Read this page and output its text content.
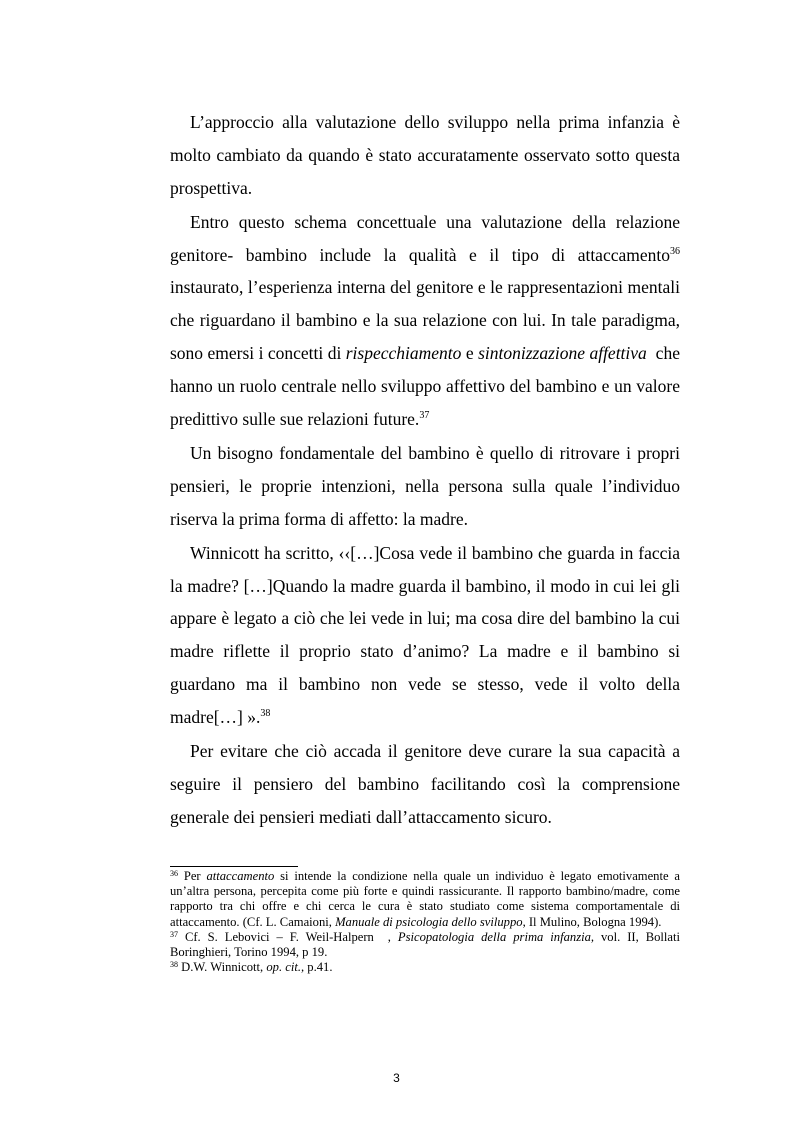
L’approccio alla valutazione dello sviluppo nella prima infanzia è molto cambiato da quando è stato accuratamente osservato sotto questa prospettiva.

Entro questo schema concettuale una valutazione della relazione genitore- bambino include la qualità e il tipo di attaccamento$^{36}$ instaurato, l’esperienza interna del genitore e le rappresentazioni mentali che riguardano il bambino e la sua relazione con lui. In tale paradigma, sono emersi i concetti di rispecchiamento e sintonizzazione affettiva  che hanno un ruolo centrale nello sviluppo affettivo del bambino e un valore predittivo sulle sue relazioni future.$^{37}$

Un bisogno fondamentale del bambino è quello di ritrovare i propri pensieri, le proprie intenzioni, nella persona sulla quale l’individuo riserva la prima forma di affetto: la madre.

Winnicott ha scritto, ‹‹[…]Cosa vede il bambino che guarda in faccia la madre? […]Quando la madre guarda il bambino, il modo in cui lei gli appare è legato a ciò che lei vede in lui; ma cosa dire del bambino la cui madre riflette il proprio stato d’animo? La madre e il bambino si guardano ma il bambino non vede se stesso, vede il volto della madre[…] ».$^{38}$

Per evitare che ciò accada il genitore deve curare la sua capacità a seguire il pensiero del bambino facilitando così la comprensione generale dei pensieri mediati dall’attaccamento sicuro.

$^{36}$ Per attaccamento si intende la condizione nella quale un individuo è legato emotivamente a un’altra persona, percepita come più forte e quindi rassicurante. Il rapporto bambino/madre, come rapporto tra chi offre e chi cerca le cura è stato studiato come sistema comportamentale di attaccamento. (Cf. L. Camaioni, Manuale di psicologia dello sviluppo, Il Mulino, Bologna 1994).

$^{37}$ Cf. S. Lebovici – F. Weil-Halpern  , Psicopatologia della prima infanzia, vol. II, Bollati Boringhieri, Torino 1994, p 19.

$^{38}$ D.W. Winnicott, op. cit., p.41.

3
